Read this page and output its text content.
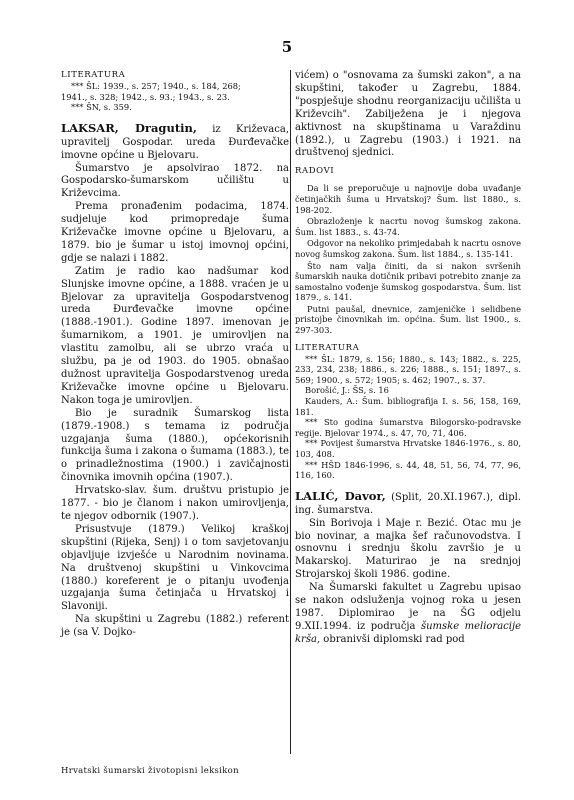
5
LITERATURA

*** ŠL: 1939., s. 257; 1940., s. 184, 268;

1941., s. 328; 1942., s. 93.; 1943., s. 23.

*** ŠN, s. 359.

LAKSAR, Dragutin, iz Križevaca, upravitelj Gospodar. ureda Đurđevačke imovne općine u Bjelovaru.

Šumarstvo je apsolvirao 1872. na Gospodarsko-šumarskom učilištu u Križevcima.

Prema pronađenim podacima, 1874. sudjeluje kod primopredaje šuma Križevačke imovne općine u Bjelovaru, a 1879. bio je šumar u istoj imovnoj općini, gdje se nalazi i 1882.

Zatim je radio kao nadšumar kod Slunjske imovne općine, a 1888. vraćen je u Bjelovar za upravitelja Gospodarstvenog ureda Đurđevačke imovne općine (1888.-1901.). Godine 1897. imenovan je šumarnikom, a 1901. je umirovljen na vlastitu zamolbu, ali se ubrzo vraća u službu, pa je od 1903. do 1905. obnašao dužnost upravitelja Gospodarstvenog ureda Križevačke imovne općine u Bjelovaru. Nakon toga je umirovljen.

Bio je suradnik Šumarskog lista (1879.-1908.) s temama iz područja uzgajanja šuma (1880.), općekorisnih funkcija šuma i zakona o šumama (1883.), te o prinadležnostima (1900.) i zavičajnosti činovnika imovnih općina (1907.).

Hrvatsko-slav. šum. društvu pristupio je 1877. - bio je članom i nakon umirovljenja, te njegov odbornik (1907.).

Prisustvuje (1879.) Velikoj kraškoj skupštini (Rijeka, Senj) i o tom savjetovanju objavljuje izvješće u Narodnim novinama. Na društvenoj skupštini u Vinkovcima (1880.) koreferent je o pitanju uvođenja uzgajanja šuma četinjača u Hrvatskoj i Slavoniji.

Na skupštini u Zagrebu (1882.) referent je (sa V. Dojko-

vićem) o "osnovama za šumski zakon", a na skupštini, također u Zagrebu, 1884. "pospješuje shodnu reorganizaciju učilišta u Križevcih". Zabilježena je i njegova aktivnost na skupštinama u Varaždinu (1892.), u Zagrebu (1903.) i 1921. na društvenoj sjednici.

RADOVI

Da li se preporučuje u najnovije doba uvađanje četinjačkih šuma u Hrvatskoj? Šum. list 1880., s. 198-202.

Obrazloženje k nacrtu novog šumskog zakona. Šum. list 1883., s. 43-74.

Odgovor na nekoliko primjedabah k nacrtu osnove novog šumskog zakona. Šum. list 1884., s. 135-141.

Što nam valja činiti, da si nakon svršenih šumarskih nauka dotičnik pribavi potrebito znanje za samostalno vođenje šumskog gospodarstva. Šum. list 1879., s. 141.

Putni paušal, dnevnice, zamjeničke i selidbene pristojbe činovnikah im. općina. Šum. list 1900., s. 297-303.

LITERATURA

*** ŠL: 1879, s. 156; 1880., s. 143; 1882., s. 225, 233, 234, 238; 1886., s. 226; 1888., s. 151; 1897., s. 569; 1900., s. 572; 1905; s. 462; 1907., s. 37.

Borošić, J.: ŠS, s. 16

Kauders, A.: Šum. bibliografija I. s. 56, 158, 169, 181.

*** Sto godina šumarstva Bilogorsko-podravske regije. Bjelovar 1974., s. 47, 70, 71, 406.

*** Povijest šumarstva Hrvatske 1846-1976., s. 80, 103, 408.

*** HŠD 1846-1996, s. 44, 48, 51, 56, 74, 77, 96, 116, 160.

LALIĆ, Davor, (Split, 20.XI.1967.), dipl. ing. šumarstva.

Sin Borivoja i Maje r. Bezić. Otac mu je bio novinar, a majka šef računovodstva. I osnovnu i srednju školu završio je u Makarskoj. Maturirao je na srednjoj Strojarskoj školi 1986. godine.

Na Šumarski fakultet u Zagrebu upisao se nakon odsluženja vojnog roka u jesen 1987. Diplomirao je na ŠG odjelu 9.XII.1994. iz područja šumske melioracije krša, obranivši diplomski rad pod

Hrvatski šumarski životopisni leksikon
